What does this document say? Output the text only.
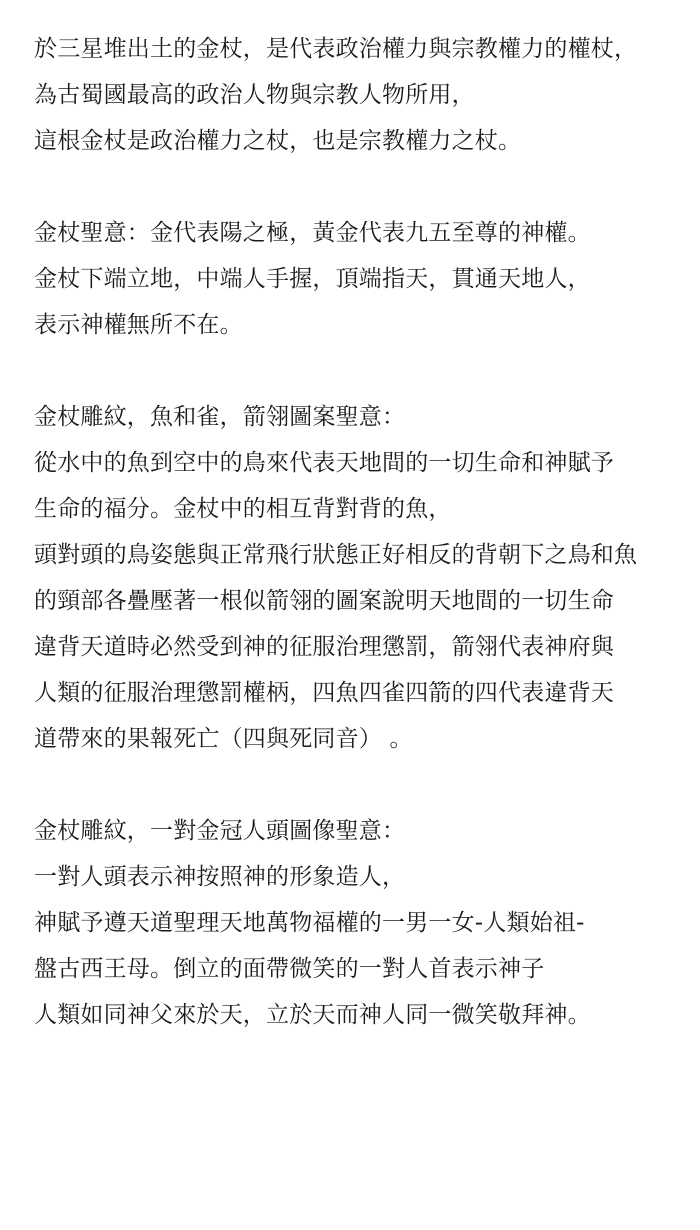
於三星堆出土的金杖，是代表政治權力與宗教權力的權杖，
為古蜀國最高的政治人物與宗教人物所用，
這根金杖是政治權力之杖，也是宗教權力之杖。
金杖聖意：金代表陽之極，黃金代表九五至尊的神權。
金杖下端立地，中端人手握，頂端指天，貫通天地人，
表示神權無所不在。
金杖雕紋，魚和雀，箭翎圖案聖意：
從水中的魚到空中的鳥來代表天地間的一切生命和神賦予
生命的福分。金杖中的相互背對背的魚，
頭對頭的鳥姿態與正常飛行狀態正好相反的背朝下之鳥和魚
的頸部各疊壓著一根似箭翎的圖案說明天地間的一切生命
違背天道時必然受到神的征服治理懲罰，箭翎代表神府與
人類的征服治理懲罰權柄，四魚四雀四箭的四代表違背天
道帶來的果報死亡（四與死同音） 。
金杖雕紋，一對金冠人頭圖像聖意：
一對人頭表示神按照神的形象造人，
神賦予遵天道聖理天地萬物福權的一男一女-人類始祖-
盤古西王母。倒立的面帶微笑的一對人首表示神子
人類如同神父來於天，立於天而神人同一微笑敬拜神。
